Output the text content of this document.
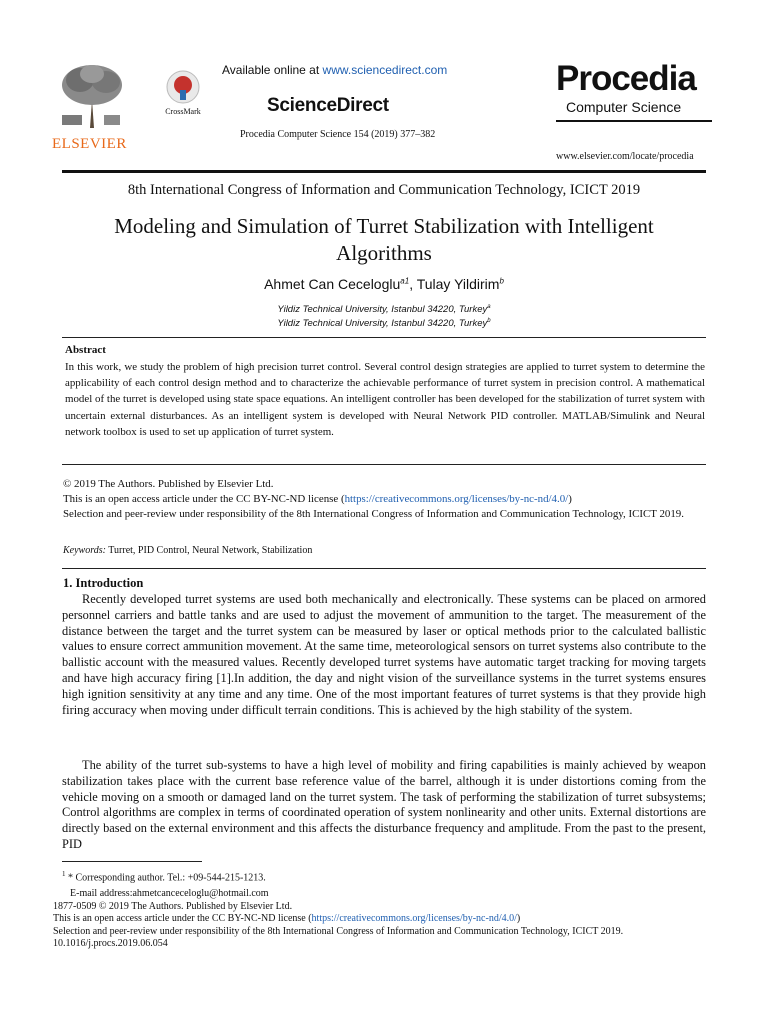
ELSEVIER
CrossMark
Available online at www.sciencedirect.com
ScienceDirect
Procedia Computer Science 154 (2019) 377–382
Procedia
Computer Science
www.elsevier.com/locate/procedia
8th International Congress of Information and Communication Technology, ICICT 2019
Modeling and Simulation of Turret Stabilization with Intelligent
Algorithms
Ahmet Can Ceceloglu$^{a1}$, Tulay Yildirim$^b$
Yildiz Technical University, Istanbul 34220, Turkey$^a$
Yildiz Technical University, Istanbul 34220, Turkey$^b$
Abstract

In this work, we study the problem of high precision turret control. Several control design strategies are applied to turret system to determine the applicability of each control design method and to characterize the achievable performance of turret system in precision control. A mathematical model of the turret is developed using state space equations. An intelligent controller has been developed for the stabilization of turret system with uncertain external disturbances. As an intelligent system is developed with Neural Network PID controller. MATLAB/Simulink and Neural network toolbox is used to set up application of turret system.

© 2019 The Authors. Published by Elsevier Ltd.
This is an open access article under the CC BY-NC-ND license (https://creativecommons.org/licenses/by-nc-nd/4.0/)
Selection and peer-review under responsibility of the 8th International Congress of Information and Communication Technology, ICICT 2019.
Keywords: Turret, PID Control, Neural Network, Stabilization
1. Introduction

Recently developed turret systems are used both mechanically and electronically. These systems can be placed on armored personnel carriers and battle tanks and are used to adjust the movement of ammunition to the target. The measurement of the distance between the target and the turret system can be measured by laser or optical methods prior to the calculated ballistic values to ensure correct ammunition movement. At the same time, meteorological sensors on turret systems also contribute to the ballistic account with the measured values. Recently developed turret systems have automatic target tracking for moving targets and have high accuracy firing [1].In addition, the day and night vision of the surveillance systems in the turret systems ensures high ignition sensitivity at any time and any time. One of the most important features of turret systems is that they provide high firing accuracy when moving under difficult terrain conditions. This is achieved by the high stability of the system.

The ability of the turret sub-systems to have a high level of mobility and firing capabilities is mainly achieved by weapon stabilization takes place with the current base reference value of the barrel, although it is under distortions coming from the vehicle moving on a smooth or damaged land on the turret system. The task of performing the stabilization of turret subsystems; Control algorithms are complex in terms of coordinated operation of system nonlinearity and other units. External distortions are directly based on the external environment and this affects the disturbance frequency and amplitude. From the past to the present, PID

$^1$ * Corresponding author. Tel.: +09-544-215-1213.
E-mail address:ahmetcanceceloglu@hotmail.com
1877-0509 © 2019 The Authors. Published by Elsevier Ltd.
This is an open access article under the CC BY-NC-ND license (https://creativecommons.org/licenses/by-nc-nd/4.0/)
Selection and peer-review under responsibility of the 8th International Congress of Information and Communication Technology, ICICT 2019.
10.1016/j.procs.2019.06.054
